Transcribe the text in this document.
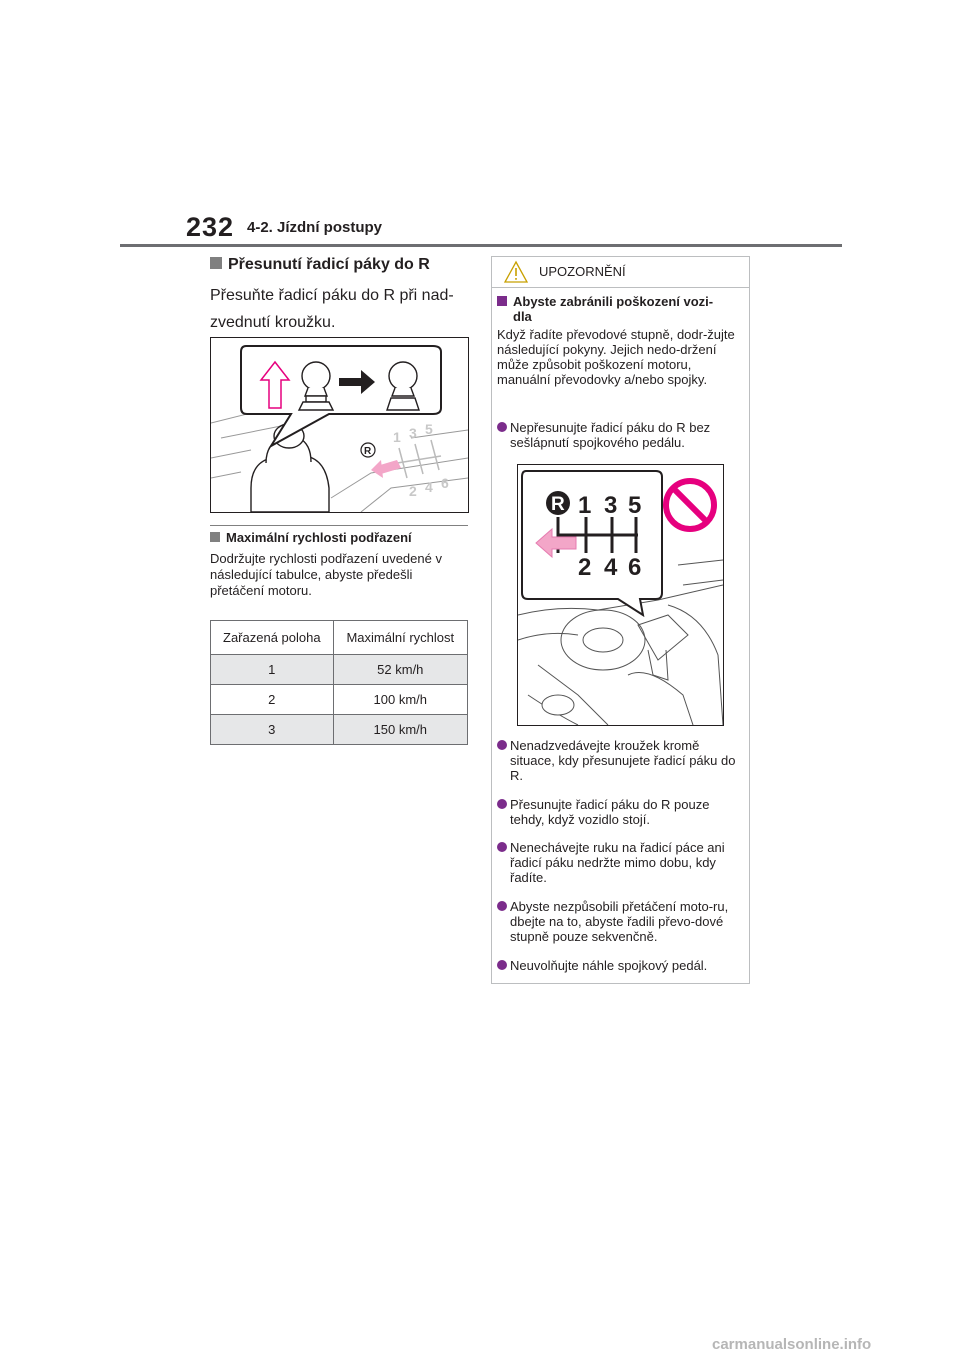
232 4-2. Jízdní postupy
Přesunutí řadicí páky do R
Přesuňte řadicí páku do R při nad-
zvednutí kroužku.
1 3 5
2 4 6
R
Maximální rychlosti podřazení
Dodržujte rychlosti podřazení uvedené v následující tabulce, abyste předešli přetáčení motoru.
Zařazená poloha	Maximální rychlost
1	52 km/h
2	100 km/h
3	150 km/h
UPOZORNĚNÍ
Abyste zabránili poškození vozi-
dla
Když řadíte převodové stupně, dodr-žujte následující pokyny. Jejich nedo-držení může způsobit poškození motoru, manuální převodovky a/nebo spojky.
Nepřesunujte řadicí páku do R bez sešlápnutí spojkového pedálu.
R 1 3 5
2 4 6
Nenadzvedávejte kroužek kromě situace, kdy přesunujete řadicí páku do R.
Přesunujte řadicí páku do R pouze tehdy, když vozidlo stojí.
Nenechávejte ruku na řadicí páce ani řadicí páku nedržte mimo dobu, kdy řadíte.
Abyste nezpůsobili přetáčení moto-ru, dbejte na to, abyste řadili převo-dové stupně pouze sekvenčně.
Neuvolňujte náhle spojkový pedál.
carmanualsonline.info
